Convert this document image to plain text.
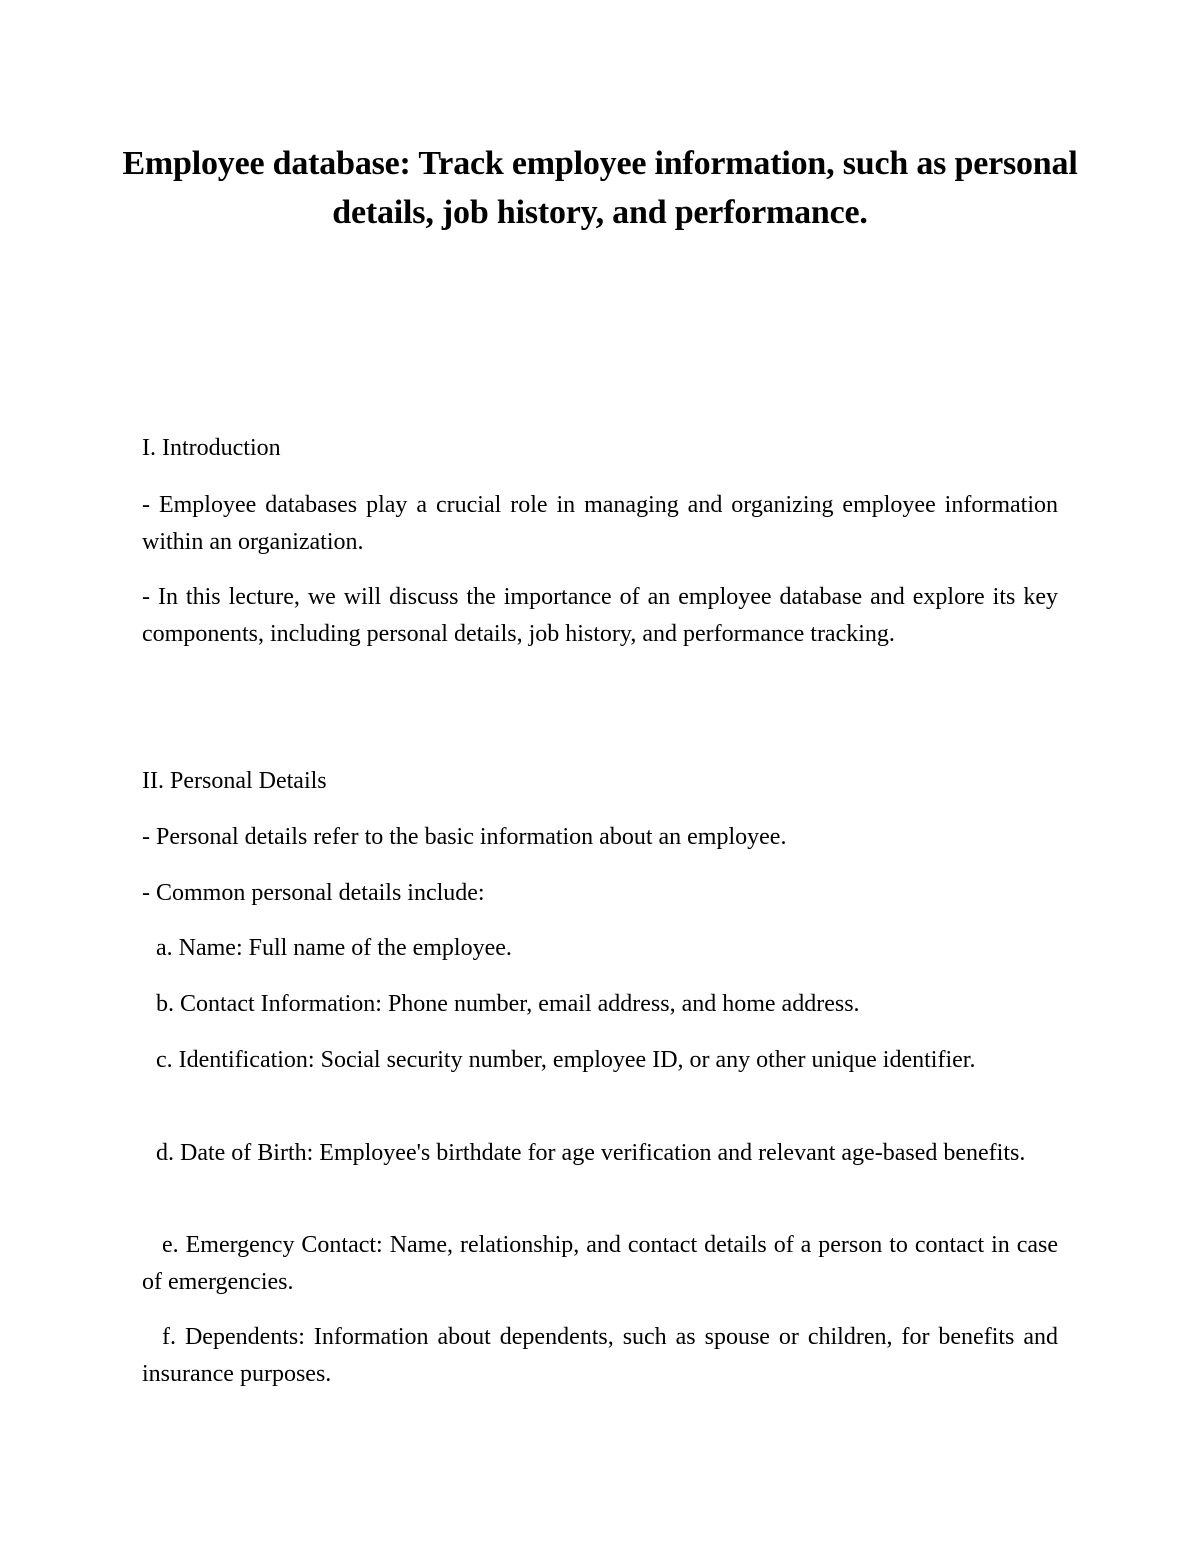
Employee database: Track employee information, such as personal details, job history, and performance.

I. Introduction

- Employee databases play a crucial role in managing and organizing employee information within an organization.

- In this lecture, we will discuss the importance of an employee database and explore its key components, including personal details, job history, and performance tracking.

II. Personal Details

- Personal details refer to the basic information about an employee.

- Common personal details include:

a. Name: Full name of the employee.

b. Contact Information: Phone number, email address, and home address.

c. Identification: Social security number, employee ID, or any other unique identifier.

d. Date of Birth: Employee's birthdate for age verification and relevant age-based benefits.

e. Emergency Contact: Name, relationship, and contact details of a person to contact in case of emergencies.

f. Dependents: Information about dependents, such as spouse or children, for benefits and insurance purposes.
